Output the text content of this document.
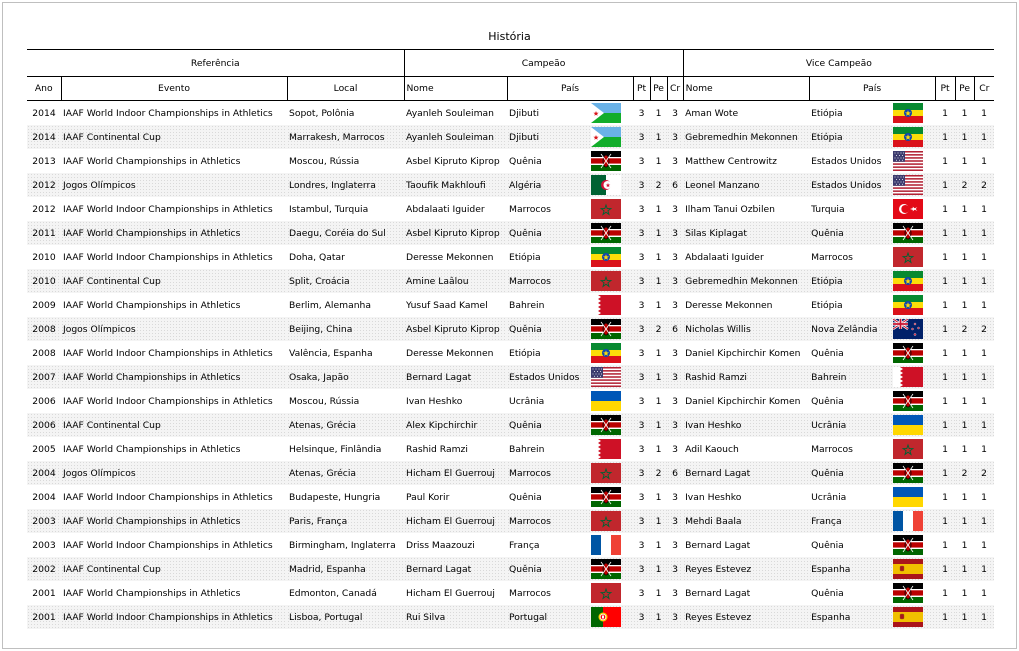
História
Referência			Campeão					Vice Campeão				
Ano	Evento	Local	Nome	País	Pt	Pe	Cr	Nome	País	Pt	Pe	Cr
2014	IAAF World Indoor Championships in Athletics	Sopot, Polônia	Ayanleh Souleiman	Djibuti	3	1	3	Aman Wote	Etiópia	1	1	1
2014	IAAF Continental Cup	Marrakesh, Marrocos	Ayanleh Souleiman	Djibuti	3	1	3	Gebremedhin Mekonnen	Etiópia	1	1	1
2013	IAAF World Championships in Athletics	Moscou, Rússia	Asbel Kipruto Kiprop	Quênia	3	1	3	Matthew Centrowitz	Estados Unidos	1	1	1
2012	Jogos Olímpicos	Londres, Inglaterra	Taoufik Makhloufi	Algéria	3	2	6	Leonel Manzano	Estados Unidos	1	2	2
2012	IAAF World Indoor Championships in Athletics	Istambul, Turquia	Abdalaati Iguider	Marrocos	3	1	3	Ilham Tanui Ozbilen	Turquia	1	1	1
2011	IAAF World Championships in Athletics	Daegu, Coréia do Sul	Asbel Kipruto Kiprop	Quênia	3	1	3	Silas Kiplagat	Quênia	1	1	1
2010	IAAF World Indoor Championships in Athletics	Doha, Qatar	Deresse Mekonnen	Etiópia	3	1	3	Abdalaati Iguider	Marrocos	1	1	1
2010	IAAF Continental Cup	Split, Croácia	Amine Laâlou	Marrocos	3	1	3	Gebremedhin Mekonnen	Etiópia	1	1	1
2009	IAAF World Championships in Athletics	Berlim, Alemanha	Yusuf Saad Kamel	Bahrein	3	1	3	Deresse Mekonnen	Etiópia	1	1	1
2008	Jogos Olímpicos	Beijing, China	Asbel Kipruto Kiprop	Quênia	3	2	6	Nicholas Willis	Nova Zelândia	1	2	2
2008	IAAF World Indoor Championships in Athletics	Valência, Espanha	Deresse Mekonnen	Etiópia	3	1	3	Daniel Kipchirchir Komen	Quênia	1	1	1
2007	IAAF World Championships in Athletics	Osaka, Japão	Bernard Lagat	Estados Unidos	3	1	3	Rashid Ramzi	Bahrein	1	1	1
2006	IAAF World Indoor Championships in Athletics	Moscou, Rússia	Ivan Heshko	Ucrânia	3	1	3	Daniel Kipchirchir Komen	Quênia	1	1	1
2006	IAAF Continental Cup	Atenas, Grécia	Alex Kipchirchir	Quênia	3	1	3	Ivan Heshko	Ucrânia	1	1	1
2005	IAAF World Championships in Athletics	Helsinque, Finlândia	Rashid Ramzi	Bahrein	3	1	3	Adil Kaouch	Marrocos	1	1	1
2004	Jogos Olímpicos	Atenas, Grécia	Hicham El Guerrouj	Marrocos	3	2	6	Bernard Lagat	Quênia	1	2	2
2004	IAAF World Indoor Championships in Athletics	Budapeste, Hungria	Paul Korir	Quênia	3	1	3	Ivan Heshko	Ucrânia	1	1	1
2003	IAAF World Championships in Athletics	Paris, França	Hicham El Guerrouj	Marrocos	3	1	3	Mehdi Baala	França	1	1	1
2003	IAAF World Indoor Championships in Athletics	Birmingham, Inglaterra	Driss Maazouzi	França	3	1	3	Bernard Lagat	Quênia	1	1	1
2002	IAAF Continental Cup	Madrid, Espanha	Bernard Lagat	Quênia	3	1	3	Reyes Estevez	Espanha	1	1	1
2001	IAAF World Championships in Athletics	Edmonton, Canadá	Hicham El Guerrouj	Marrocos	3	1	3	Bernard Lagat	Quênia	1	1	1
2001	IAAF World Indoor Championships in Athletics	Lisboa, Portugal	Rui Silva	Portugal	3	1	3	Reyes Estevez	Espanha	1	1	1
